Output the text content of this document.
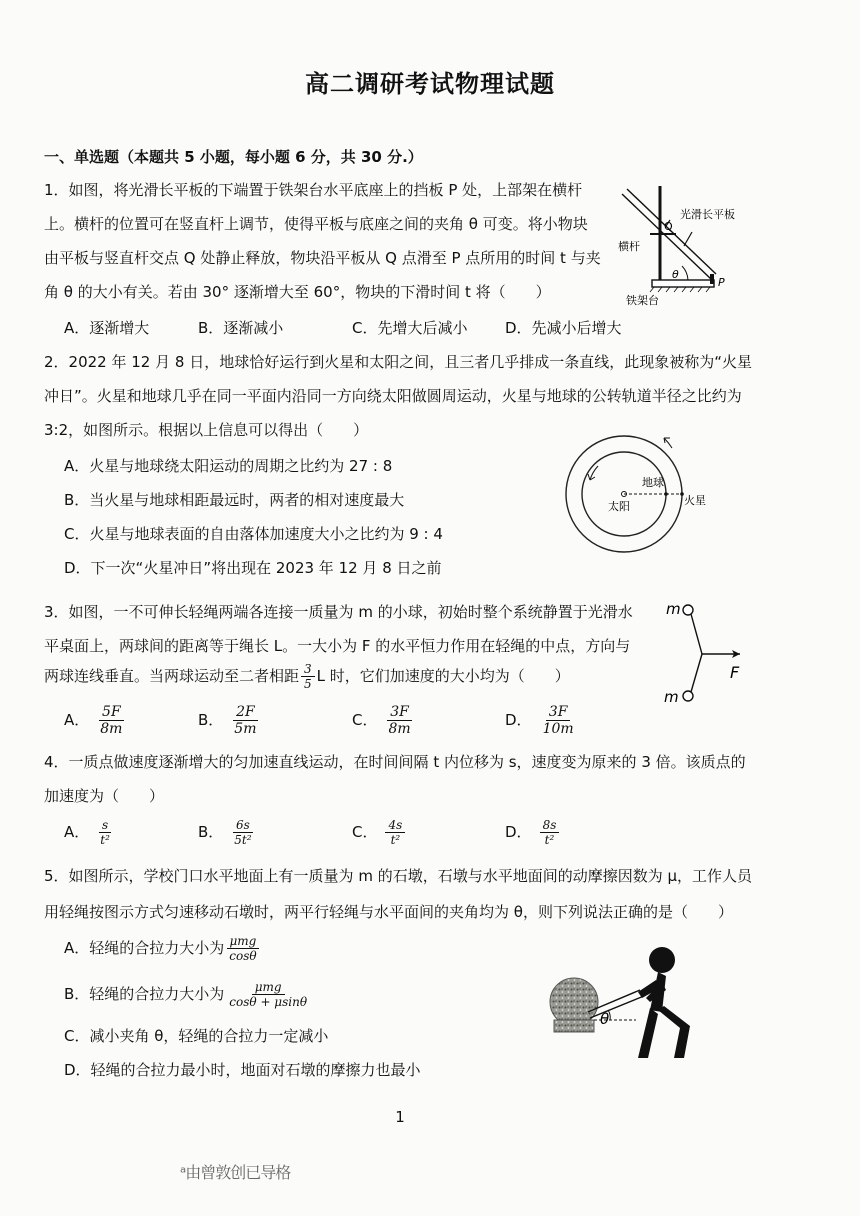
高二调研考试物理试题
一、单选题（本题共 5 小题，每小题 6 分，共 30 分.）
1．如图，将光滑长平板的下端置于铁架台水平底座上的挡板 P 处，上部架在横杆
上。横杆的位置可在竖直杆上调节，使得平板与底座之间的夹角 θ 可变。将小物块
由平板与竖直杆交点 Q 处静止释放，物块沿平板从 Q 点滑至 P 点所用的时间 t 与夹
角 θ 的大小有关。若由 30° 逐渐增大至 60°，物块的下滑时间 t 将（　　）
A．逐渐增大	B．逐渐减小	C．先增大后减小	D．先减小后增大
θ
Q
P
光滑长平板
横杆
铁架台
2．2022 年 12 月 8 日，地球恰好运行到火星和太阳之间，且三者几乎排成一条直线，此现象被称为“火星
冲日”。火星和地球几乎在同一平面内沿同一方向绕太阳做圆周运动，火星与地球的公转轨道半径之比约为
3:2，如图所示。根据以上信息可以得出（　　）
A．火星与地球绕太阳运动的周期之比约为 27 : 8
B．当火星与地球相距最远时，两者的相对速度最大
C．火星与地球表面的自由落体加速度大小之比约为 9 : 4
D．下一次“火星冲日”将出现在 2023 年 12 月 8 日之前
地球
太阳	火星
3．如图，一不可伸长轻绳两端各连接一质量为 m 的小球，初始时整个系统静置于光滑水
平桌面上，两球间的距离等于绳长 L。一大小为 F 的水平恒力作用在轻绳的中点，方向与
两球连线垂直。当两球运动至二者相距 $\frac{3}{5}$ L 时，它们加速度的大小均为（　　）
A． $\frac{5F}{8m}$	B． $\frac{2F}{5m}$	C． $\frac{3F}{8m}$	D． $\frac{3F}{10m}$
m
m
F
4．一质点做速度逐渐增大的匀加速直线运动，在时间间隔 t 内位移为 s，速度变为原来的 3 倍。该质点的
加速度为（　　）
A． $\frac{s}{\text{t²}}$	B． $\frac{6s}{\text{5t²}}$	C． $\frac{4s}{\text{t²}}$	D． $\frac{8s}{\text{t²}}$
5．如图所示，学校门口水平地面上有一质量为 m 的石墩，石墩与水平地面间的动摩擦因数为 μ，工作人员
用轻绳按图示方式匀速移动石墩时，两平行轻绳与水平面间的夹角均为 θ，则下列说法正确的是（　　）
A．轻绳的合拉力大小为 $\frac{\text{μmg}}{\cos\theta}$
B．轻绳的合拉力大小为 $\frac{\text{μmg}}{\cos\theta + \mu\sin\theta}$
C．减小夹角 θ，轻绳的合拉力一定减小
D．轻绳的合拉力最小时，地面对石墩的摩擦力也最小
θ
1
ᵃ由曾敦创已导格
